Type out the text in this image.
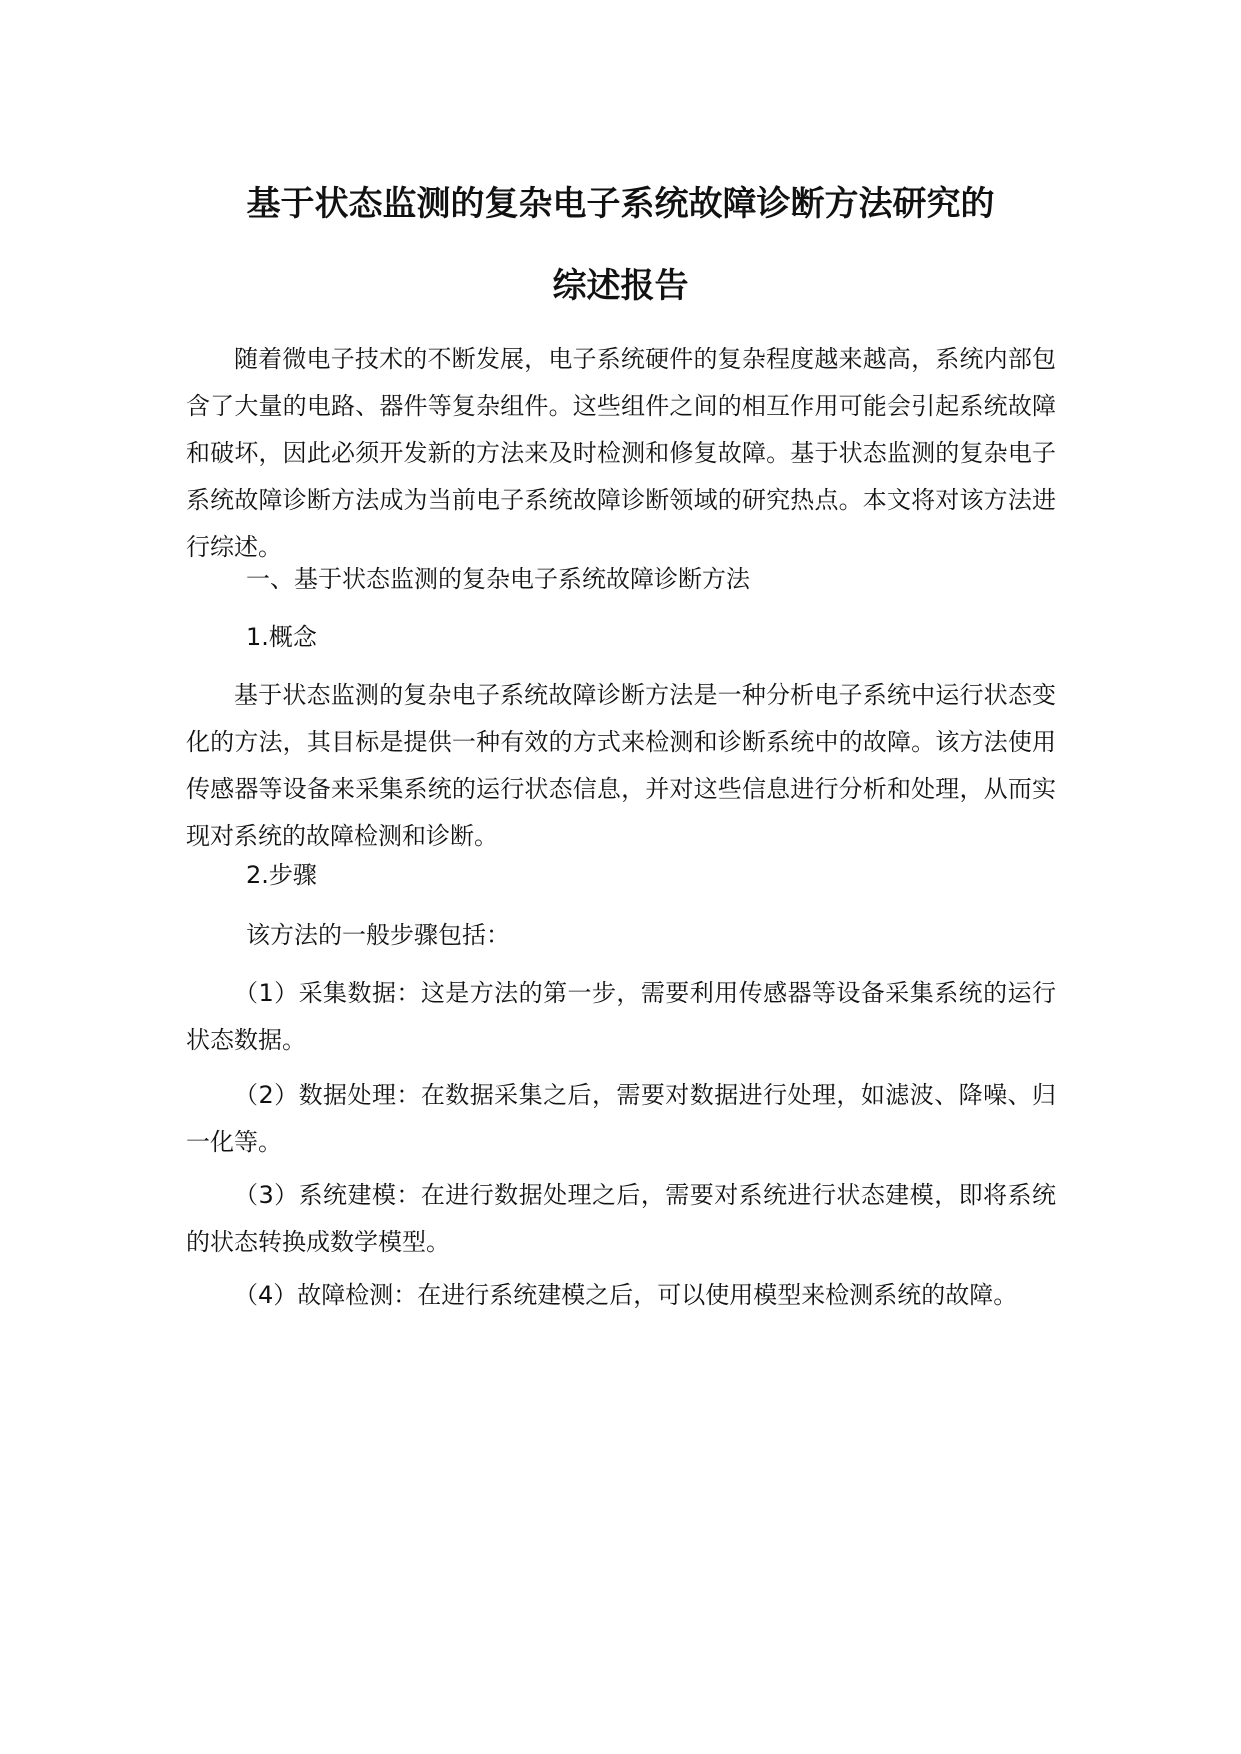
基于状态监测的复杂电子系统故障诊断方法研究的
综述报告

随着微电子技术的不断发展，电子系统硬件的复杂程度越来越高，系统内部包含了大量的电路、器件等复杂组件。这些组件之间的相互作用可能会引起系统故障和破坏，因此必须开发新的方法来及时检测和修复故障。基于状态监测的复杂电子系统故障诊断方法成为当前电子系统故障诊断领域的研究热点。本文将对该方法进行综述。

一、基于状态监测的复杂电子系统故障诊断方法

1.概念

基于状态监测的复杂电子系统故障诊断方法是一种分析电子系统中运行状态变化的方法，其目标是提供一种有效的方式来检测和诊断系统中的故障。该方法使用传感器等设备来采集系统的运行状态信息，并对这些信息进行分析和处理，从而实现对系统的故障检测和诊断。

2.步骤

该方法的一般步骤包括：

（1）采集数据：这是方法的第一步，需要利用传感器等设备采集系统的运行状态数据。

（2）数据处理：在数据采集之后，需要对数据进行处理，如滤波、降噪、归一化等。

（3）系统建模：在进行数据处理之后，需要对系统进行状态建模，即将系统的状态转换成数学模型。

（4）故障检测：在进行系统建模之后，可以使用模型来检测系统的故障。
